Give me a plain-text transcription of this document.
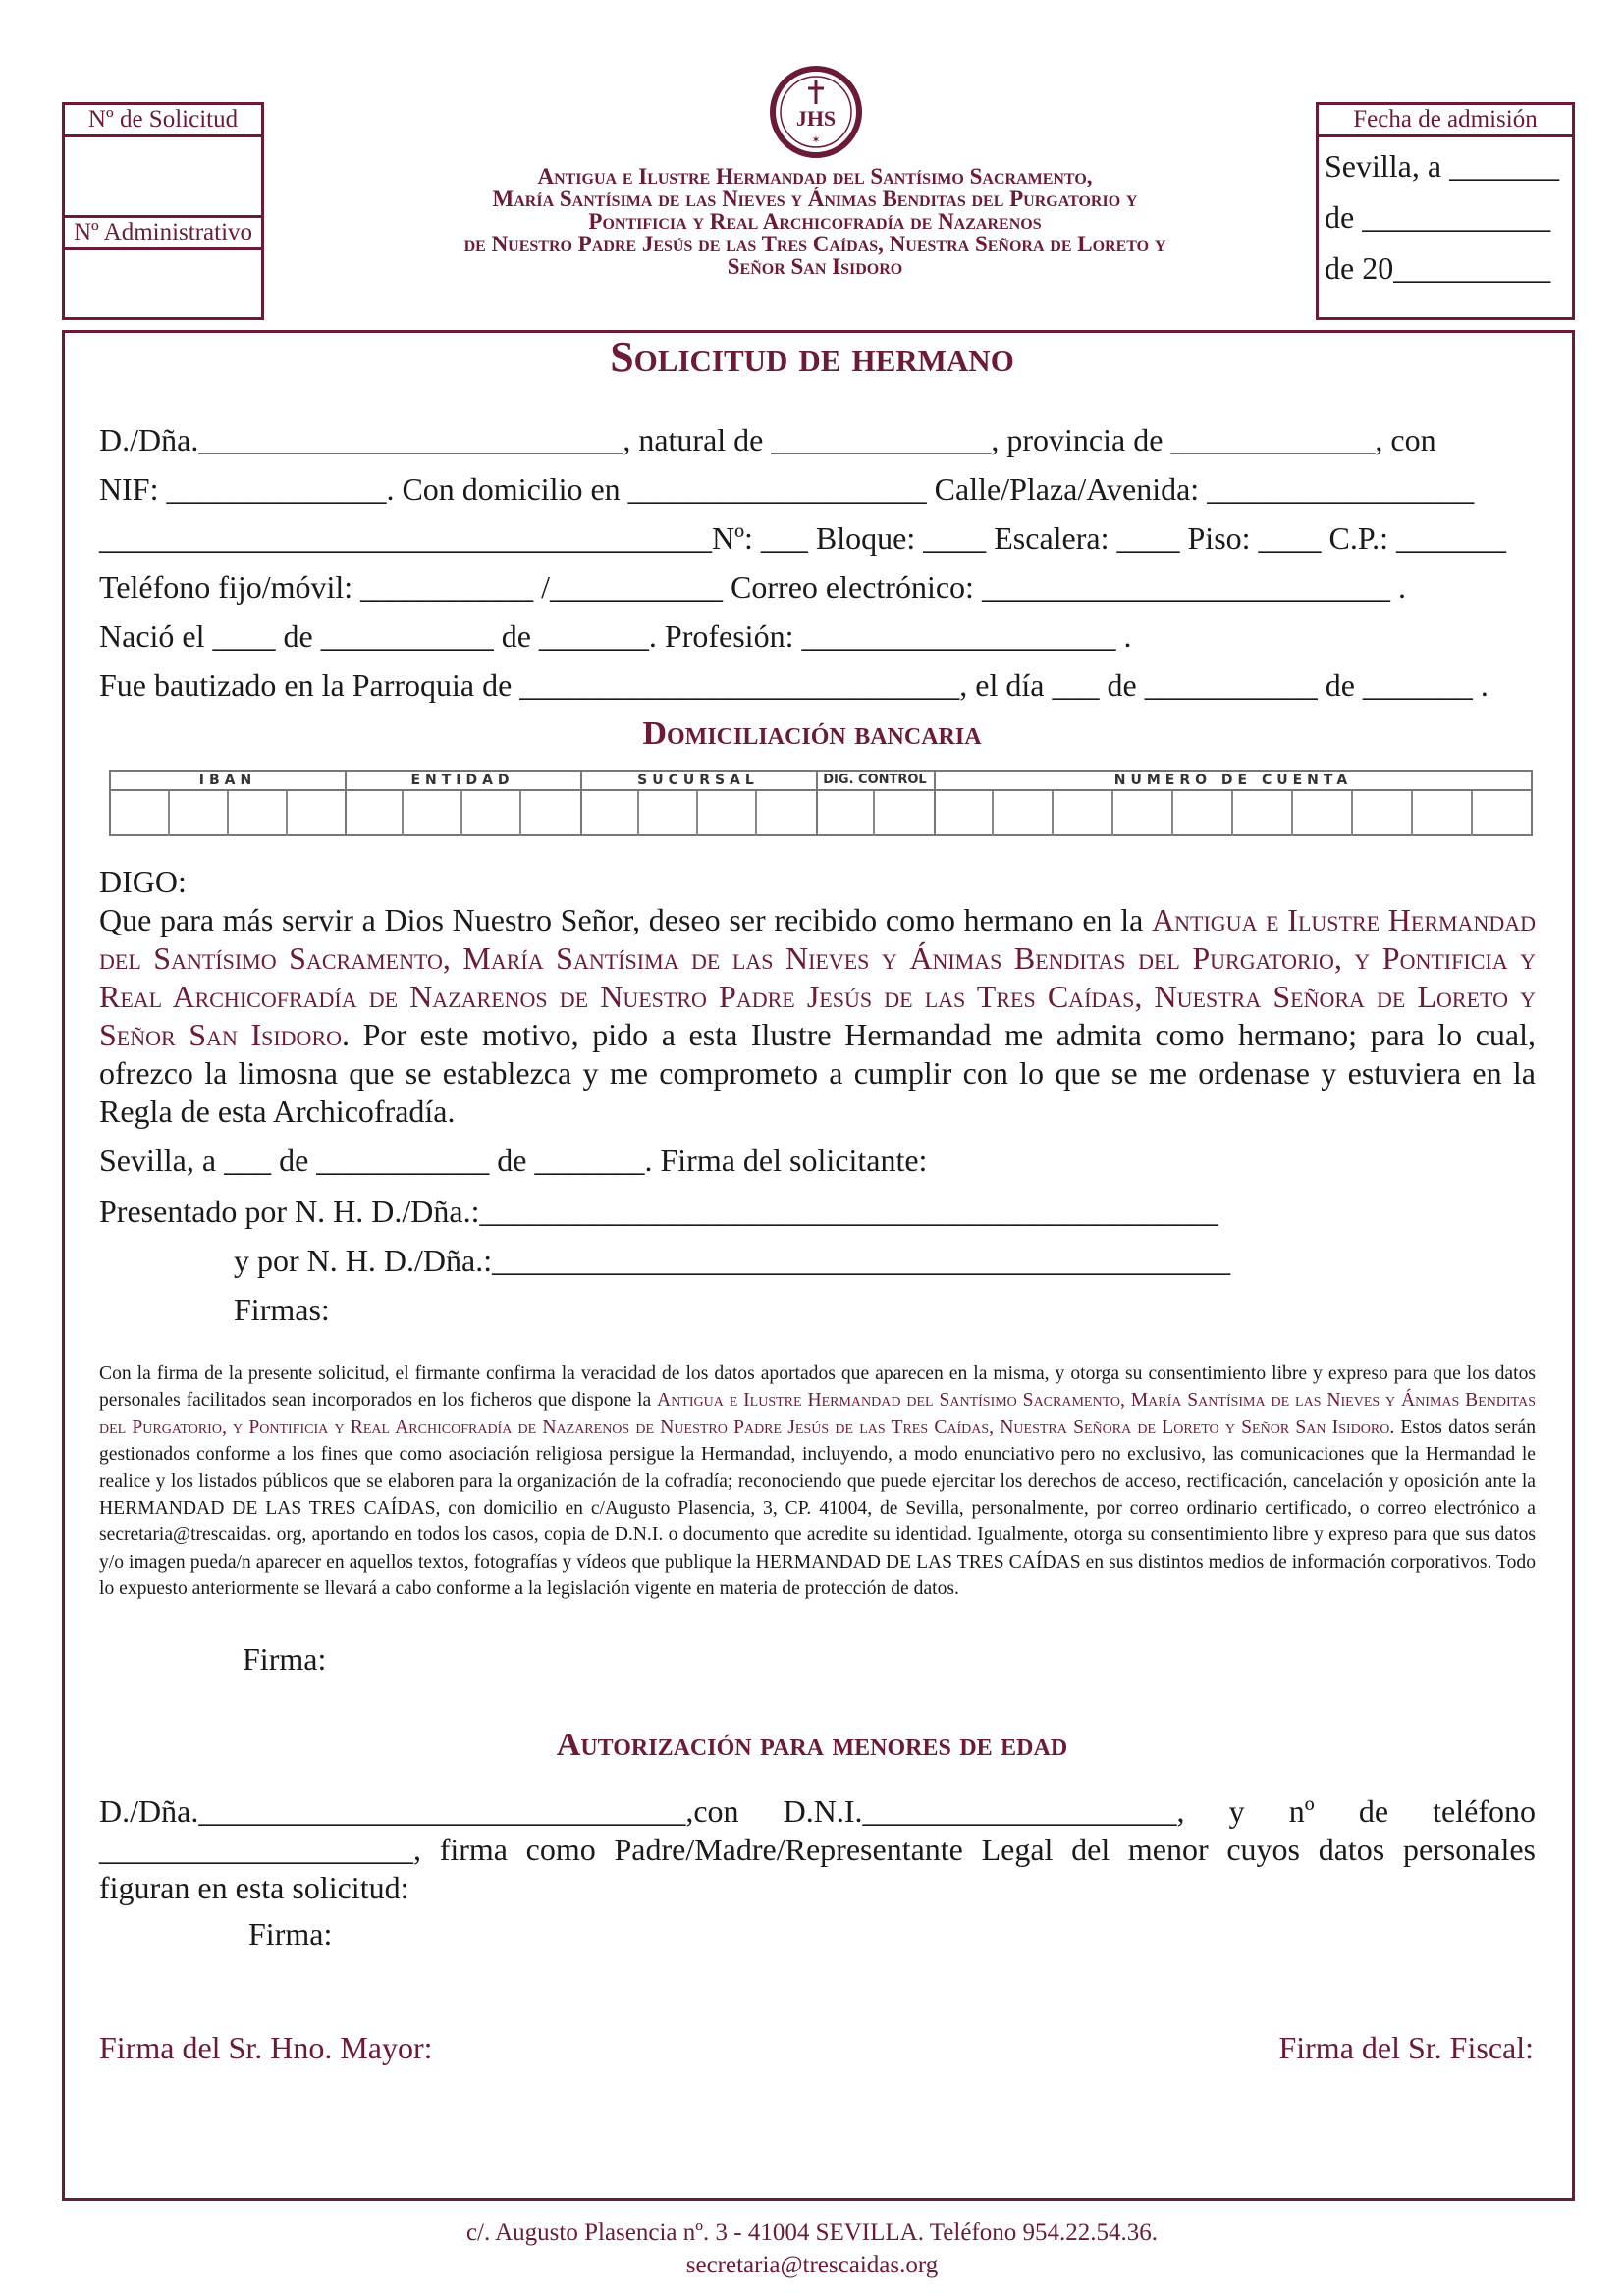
Nº de Solicitud
Nº Administrativo
JHS
✶
Antigua e Ilustre Hermandad del Santísimo Sacramento,
María Santísima de las Nieves y Ánimas Benditas del Purgatorio y
Pontificia y Real Archicofradía de Nazarenos
de Nuestro Padre Jesús de las Tres Caídas, Nuestra Señora de Loreto y
Señor San Isidoro
Fecha de admisión
Sevilla, a _______
de ____________
de 20__________
Solicitud de hermano
D./Dña.___________________________, natural de ______________, provincia de _____________, con
NIF: ______________. Con domicilio en ___________________ Calle/Plaza/Avenida: _________________
_______________________________________Nº: ___ Bloque: ____ Escalera: ____ Piso: ____ C.P.: _______
Teléfono fijo/móvil: ___________ /___________ Correo electrónico: __________________________ .
Nació el ____ de ___________ de _______. Profesión: ____________________ .
Fue bautizado en la Parroquia de ____________________________, el día ___ de ___________ de _______ .
Domiciliación bancaria
IBAN	ENTIDAD	SUCURSAL	DIG. CONTROL	NUMERO DE CUENTA
DIGO:
Que para más servir a Dios Nuestro Señor, deseo ser recibido como hermano en la Antigua e Ilustre Hermandad del Santísimo Sacramento, María Santísima de las Nieves y Ánimas Benditas del Purgatorio, y Pontificia y Real Archicofradía de Nazarenos de Nuestro Padre Jesús de las Tres Caídas, Nuestra Señora de Loreto y Señor San Isidoro. Por este motivo, pido a esta Ilustre Hermandad me admita como hermano; para lo cual, ofrezco la limosna que se establezca y me comprometo a cumplir con lo que se me ordenase y estuviera en la Regla de esta Archicofradía.
Sevilla, a ___ de ___________ de _______. Firma del solicitante:
Presentado por N. H. D./Dña.:_______________________________________________
y por N. H. D./Dña.:_______________________________________________
Firmas:
Con la firma de la presente solicitud, el firmante confirma la veracidad de los datos aportados que aparecen en la misma, y otorga su consentimiento libre y expreso para que los datos personales facilitados sean incorporados en los ficheros que dispone la Antigua e Ilustre Hermandad del Santísimo Sacramento, María Santísima de las Nieves y Ánimas Benditas del Purgatorio, y Pontificia y Real Archicofradía de Nazarenos de Nuestro Padre Jesús de las Tres Caídas, Nuestra Señora de Loreto y Señor San Isidoro. Estos datos serán gestionados conforme a los fines que como asociación religiosa persigue la Hermandad, incluyendo, a modo enunciativo pero no exclusivo, las comunicaciones que la Hermandad le realice y los listados públicos que se elaboren para la organización de la cofradía; reconociendo que puede ejercitar los derechos de acceso, rectificación, cancelación y oposición ante la HERMANDAD DE LAS TRES CAÍDAS, con domicilio en c/Augusto Plasencia, 3, CP. 41004, de Sevilla, personalmente, por correo ordinario certificado, o correo electrónico a secretaria@trescaidas. org, aportando en todos los casos, copia de D.N.I. o documento que acredite su identidad. Igualmente, otorga su consentimiento libre y expreso para que sus datos y/o imagen pueda/n aparecer en aquellos textos, fotografías y vídeos que publique la HERMANDAD DE LAS TRES CAÍDAS en sus distintos medios de información corporativos. Todo lo expuesto anteriormente se llevará a cabo conforme a la legislación vigente en materia de protección de datos.
Firma:
Autorización para menores de edad
D./Dña._______________________________,con D.N.I.____________________, y nº de teléfono ____________________, firma como Padre/Madre/Representante Legal del menor cuyos datos personales figuran en esta solicitud:
Firma:
Firma del Sr. Hno. Mayor:	Firma del Sr. Fiscal:
c/. Augusto Plasencia nº. 3 - 41004 SEVILLA. Teléfono 954.22.54.36.
secretaria@trescaidas.org
